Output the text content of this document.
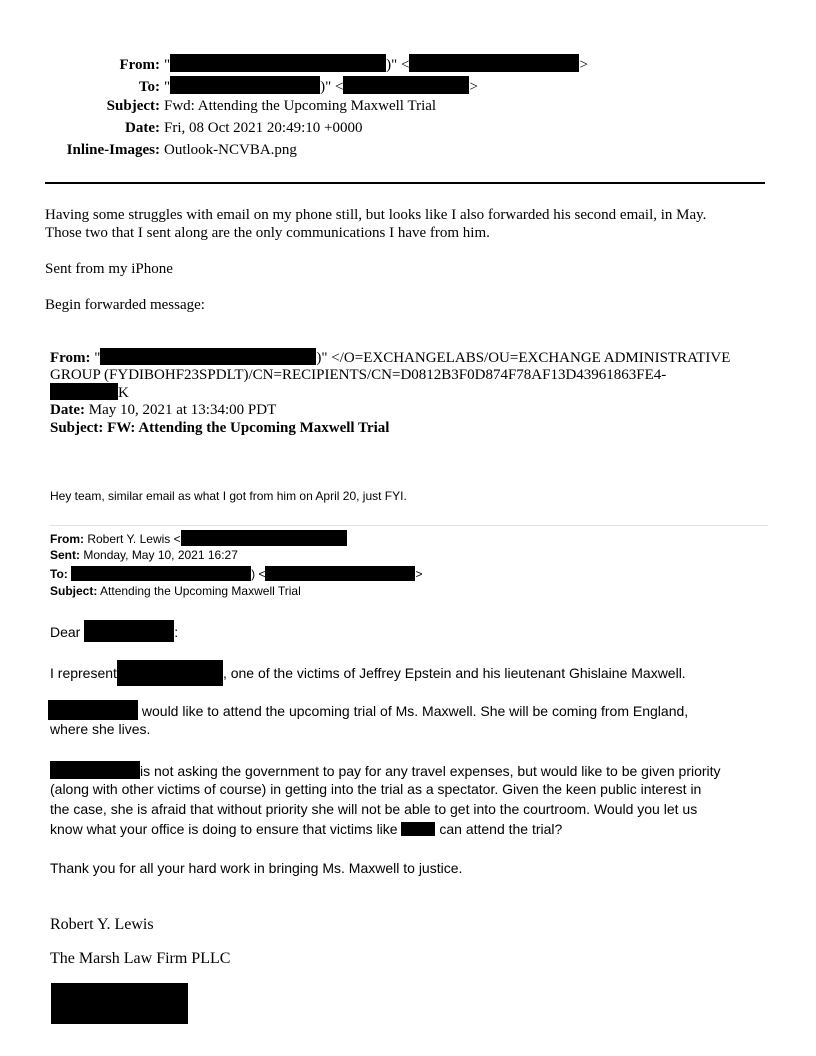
From: "	)" <	>
To: "	)" <	>
Subject: Fwd: Attending the Upcoming Maxwell Trial
Date: Fri, 08 Oct 2021 20:49:10 +0000
Inline-Images: Outlook-NCVBA.png
Having some struggles with email on my phone still, but looks like I also forwarded his second email, in May.
Those two that I sent along are the only communications I have from him.
Sent from my iPhone
Begin forwarded message:
From: "	)" </O=EXCHANGELABS/OU=EXCHANGE ADMINISTRATIVE
GROUP (FYDIBOHF23SPDLT)/CN=RECIPIENTS/CN=D0812B3F0D874F78AF13D43961863FE4-
K
Date: May 10, 2021 at 13:34:00 PDT
Subject: FW: Attending the Upcoming Maxwell Trial
Hey team, similar email as what I got from him on April 20, just FYI.
From: Robert Y. Lewis <
Sent: Monday, May 10, 2021 16:27
To:	) <	>
Subject: Attending the Upcoming Maxwell Trial
Dear	:
I represent	, one of the victims of Jeffrey Epstein and his lieutenant Ghislaine Maxwell.
would like to attend the upcoming trial of Ms. Maxwell. She will be coming from England,
where she lives.
is not asking the government to pay for any travel expenses, but would like to be given priority
(along with other victims of course) in getting into the trial as a spectator. Given the keen public interest in
the case, she is afraid that without priority she will not be able to get into the courtroom. Would you let us
know what your office is doing to ensure that victims like	can attend the trial?
Thank you for all your hard work in bringing Ms. Maxwell to justice.
Robert Y. Lewis
The Marsh Law Firm PLLC
